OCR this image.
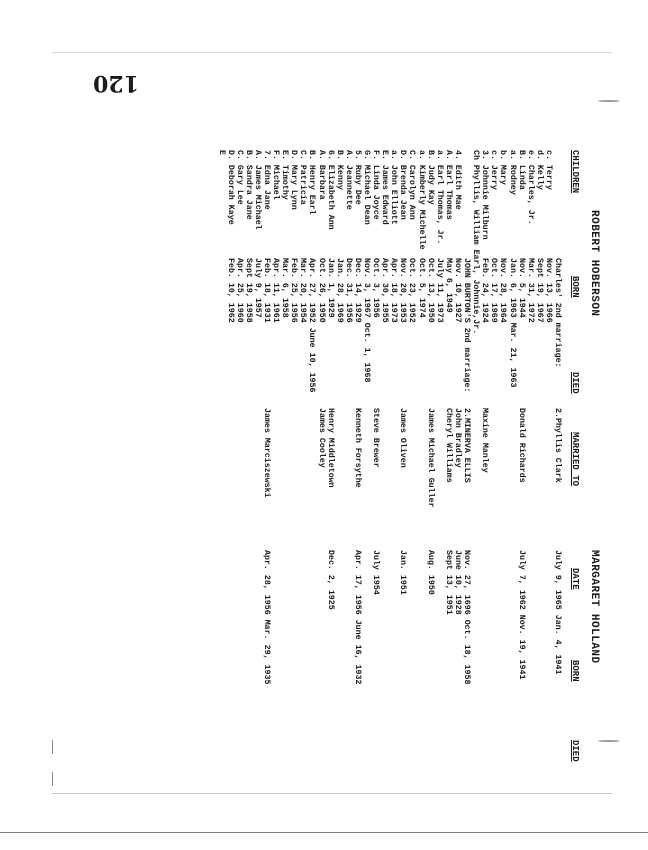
120
ROBERT HOBERSON
MARGARET HOLLAND
CHILDREN
BORN
DIED
MARRIED TO
DATE
BORN
DIED
Charles' 2nd marriage:
2.Phyllis Clark
July 9, 1965 Jan. 4, 1941
c. Terry
Nov. 13, 1966
d. Kelly
Sept 19, 1967
e. Charles, Jr.
Mar. 31, 1972
B. Linda
Nov. 5, 1944
Donald Richards
July 7, 1962 Nov. 19, 1941
a. Rodney
Jan. 6, 1963 Mar. 21, 1963
b. Mary
Nov. 28, 1964
c. Jerry
Oct. 17, 1969
3. Johnnie Milburn
Feb. 24, 1924
Maxine Manley
Ch Phyllis, William Earl, Johnnie,Jr.
JOHN BURTON'S 2nd marriage:
2.MINERVA ELLIS
Nov. 27, 1696 Oct. 18, 1958
4. Edith Mae
Nov. 10, 1927
John Bradley
June 10, 1928
A. Earl Thomas
May 6, 1949
Cheryl Williams
Sept 13, 1951
a. Earl Thomas, Jr.
July 11, 1973
B. Judy Kay
Oct. 13, 1950
James Michael Guller
Aug. 1950
a. Kimberly Michelle
Oct. 5, 1974
C. Carolyn Ann
Oct. 23, 1952
D. Brenda Jean
Nov. 20, 1953
James Oliven
Jan. 1951
a. John Elliott
Apr. 18, 1973
E. James Edward
Apr. 30, 1955
F. Linda Joyce
Oct. 3, 1956
Steve Brewer
July 1954
G. Michael Dean
Nov. 3, 1967 Oct. 1, 1968
5. Ruby Dee
Dec. 14, 1929
Kenneth Forsythe
Apr. 17, 1956 June 16, 1932
A. Jeannette
Dec. 31, 1956
B. Kenny
Jan. 28, 1969
6. Elizabeth Ann
Jan. 1, 1929
Henry Middletown
Dec. 2, 1925
A. Barbara
Oct. 26, 1950
James Cooley
B. Henry Earl
Apr. 27, 1952 June 10, 1956
C. Patricia
Mar. 20, 1954
D. Mary Lynn
Feb. 25, 1956
E. Timothy
Mar. 6, 1958
F. Michael
Apr. 11, 1961
7. Edna Jane
Feb. 18, 1931
James Marciszewski
Apr. 28, 1956 Mar. 29, 1935
A. James Michael
July 9, 1957
B. Sandra Jane
Sept 19, 1958
C. Gary Lee
Apr. 25, 1960
D. Deborah Kaye
Feb. 10, 1962
E
